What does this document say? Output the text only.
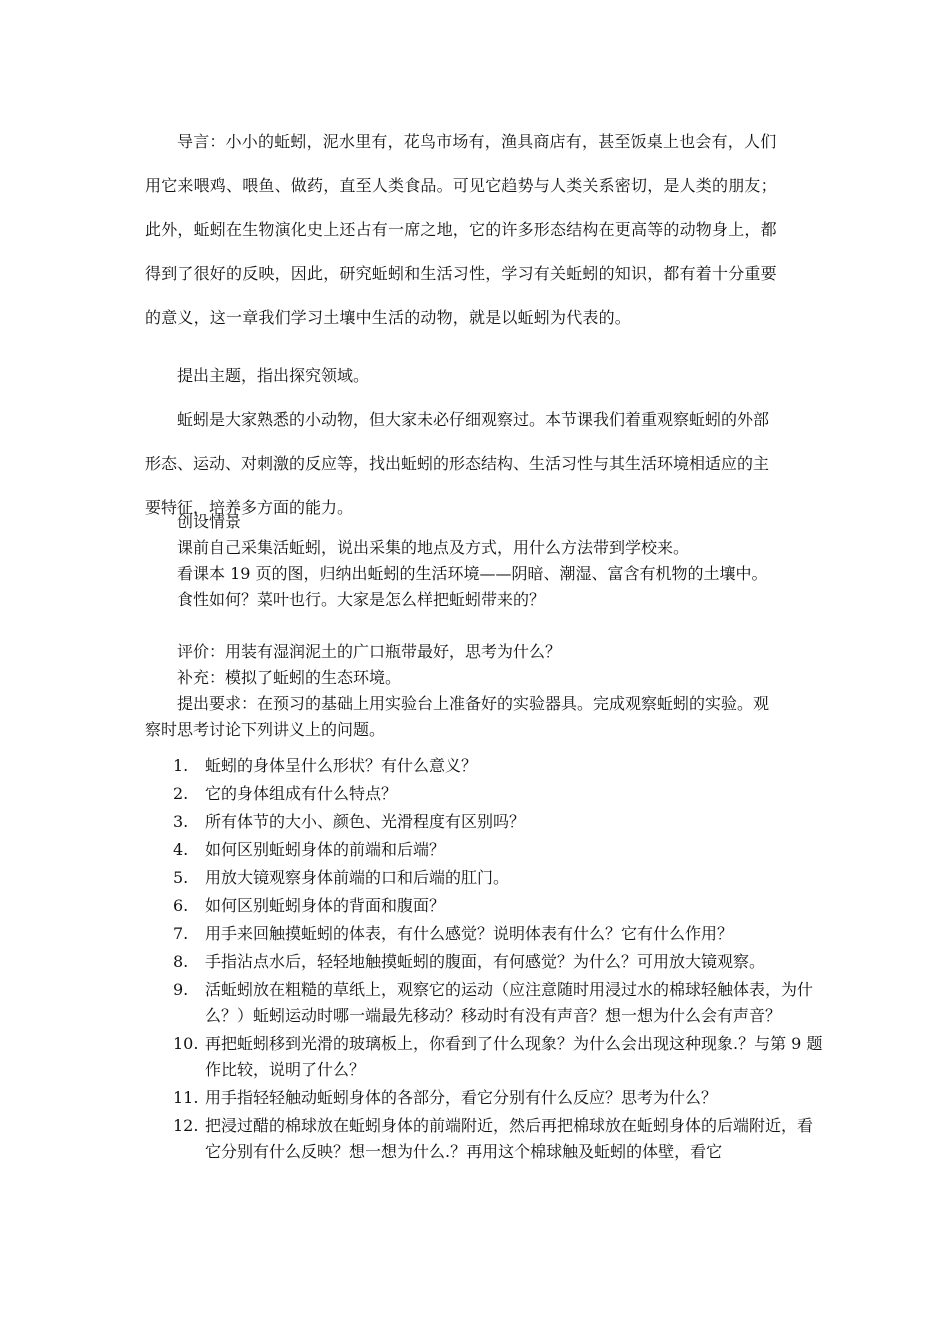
导言：小小的蚯蚓，泥水里有，花鸟市场有，渔具商店有，甚至饭桌上也会有，人们

用它来喂鸡、喂鱼、做药，直至人类食品。可见它趋势与人类关系密切，是人类的朋友；

此外，蚯蚓在生物演化史上还占有一席之地，它的许多形态结构在更高等的动物身上，都

得到了很好的反映，因此，研究蚯蚓和生活习性，学习有关蚯蚓的知识，都有着十分重要

的意义，这一章我们学习土壤中生活的动物，就是以蚯蚓为代表的。

提出主题，指出探究领域。

蚯蚓是大家熟悉的小动物，但大家未必仔细观察过。本节课我们着重观察蚯蚓的外部

形态、运动、对刺激的反应等，找出蚯蚓的形态结构、生活习性与其生活环境相适应的主

要特征，培养多方面的能力。

创设情景

课前自己采集活蚯蚓，说出采集的地点及方式，用什么方法带到学校来。

看课本 19 页的图，归纳出蚯蚓的生活环境——阴暗、潮湿、富含有机物的土壤中。

食性如何？菜叶也行。大家是怎么样把蚯蚓带来的？

评价：用装有湿润泥土的广口瓶带最好，思考为什么？

补充：模拟了蚯蚓的生态环境。

提出要求：在预习的基础上用实验台上准备好的实验器具。完成观察蚯蚓的实验。观

察时思考讨论下列讲义上的问题。

1. 蚯蚓的身体呈什么形状？有什么意义？
2. 它的身体组成有什么特点？
3. 所有体节的大小、颜色、光滑程度有区别吗？
4. 如何区别蚯蚓身体的前端和后端？
5. 用放大镜观察身体前端的口和后端的肛门。
6. 如何区别蚯蚓身体的背面和腹面？
7. 用手来回触摸蚯蚓的体表，有什么感觉？说明体表有什么？它有什么作用？
8. 手指沾点水后，轻轻地触摸蚯蚓的腹面，有何感觉？为什么？可用放大镜观察。
9. 活蚯蚓放在粗糙的草纸上，观察它的运动（应注意随时用浸过水的棉球轻触体表，为什么？）蚯蚓运动时哪一端最先移动？移动时有没有声音？想一想为什么会有声音？
10. 再把蚯蚓移到光滑的玻璃板上，你看到了什么现象？为什么会出现这种现象.？与第 9 题作比较，说明了什么？
11. 用手指轻轻触动蚯蚓身体的各部分，看它分别有什么反应？思考为什么？
12. 把浸过醋的棉球放在蚯蚓身体的前端附近，然后再把棉球放在蚯蚓身体的后端附近，看它分别有什么反映？想一想为什么.？再用这个棉球触及蚯蚓的体壁，看它
